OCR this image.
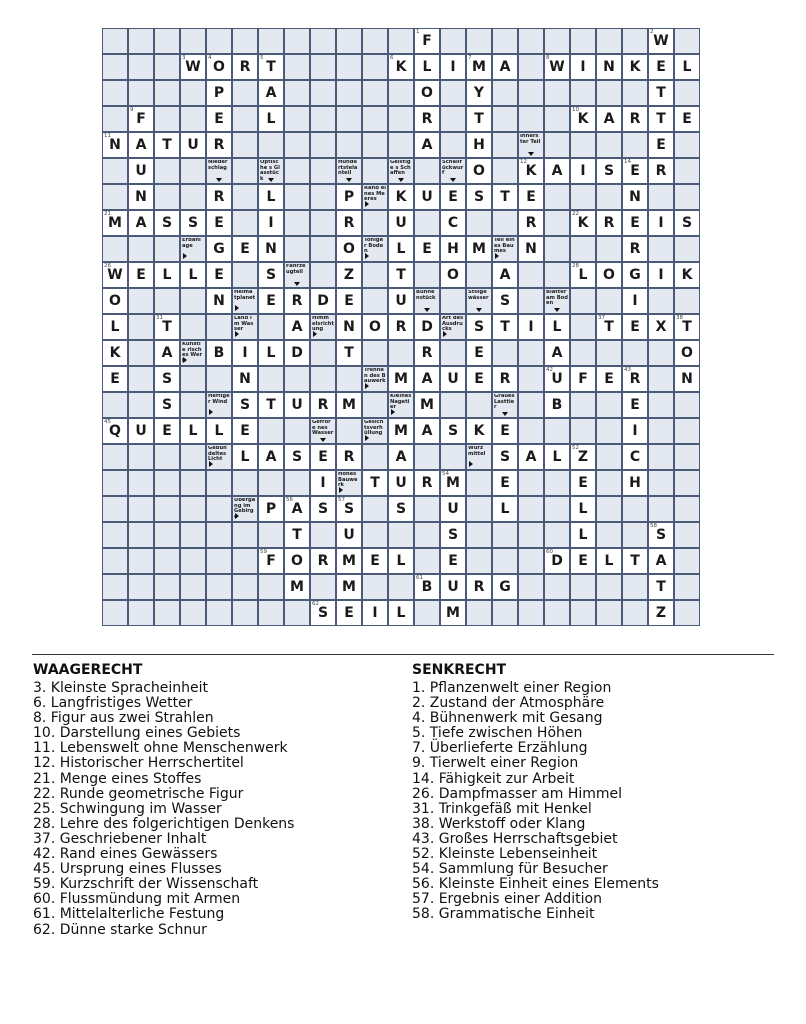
F
1
W
2
W
3
O
4
R	T
5
K
6
L	I	M
7
A	W
8
I	N	K	E	L
P	A	O	Y	T
F
9
E	L	R	T	K
10
A	R	T	E
N
11
A	T	U	R	A	H
Inners ter Teil	E
U
Nieder schlag
Optische s Glasstück
Hunde rtstelanteil
Geistige s Schaffen
Schallrückwurf	O	K
12
A	I	S	E
14
R
N	R	L	P
Rand eines Meeres	K	U	E	S	T	E	N
M
21
A	S	S	E	I	R	U	C	R	K
22
R	E	I	S
Erbanl age	G	E	N	O
Tonige r Boden	L	E	H M
Teil eines Baumes	N	R
W
26
E	L	L	E	S
Fahrze ugteil	Z	T	O	A	L
28
O	G	I	K
O	N
Heima tplanet E	R	D	E	U
Bühne nstück
Stillge wässer S
Blätter am Boden	I
L	T
31	Land im Wasser	A
Himm elsrichtung	N	O	R	D
Art des Ausdrucks	S	T	I	L	T
37
E	X	T
38
K	A
Künstle risches Werk	B	I	L	D	T	R	E	A	O
E	S	N
Trennen des Bauwerk M A	U	E	R	U
42
F	E	R
43
N
S
Heftige r Wind S	T	U	R M
Kleines Nagetier	M
Graues Lasttier	B	E
Q
45
U	E	L	L	E
Gefrore nes Wasser
Gesich tsverhüllung M A	S	K	E	I
Gebün deltes Licht	L	A	S	E	R	A
Würz mittel	S	A	L	Z
52
C
I
Hohes Bauwerk	T	U	R M
54
E	E	H
Übergang im Gebirge	P	A
56
S	S
57
S	U	L	L
T	U	S	L	S
58
F
59
O	R M	E	L	E	D
60
E	L	T	A
M	M	B
61
U	R	G	T
S
62
E	I	L	M	Z
WAAGERECHT
3. Kleinste Spracheinheit
6. Langfristiges Wetter
8. Figur aus zwei Strahlen
10. Darstellung eines Gebiets
11. Lebenswelt ohne Menschenwerk
12. Historischer Herrschertitel
21. Menge eines Stoffes
22. Runde geometrische Figur
25. Schwingung im Wasser
28. Lehre des folgerichtigen Denkens
37. Geschriebener Inhalt
42. Rand eines Gewässers
45. Ursprung eines Flusses
59. Kurzschrift der Wissenschaft
60. Flussmündung mit Armen
61. Mittelalterliche Festung
62. Dünne starke Schnur
SENKRECHT
1. Pflanzenwelt einer Region
2. Zustand der Atmosphäre
4. Bühnenwerk mit Gesang
5. Tiefe zwischen Höhen
7. Überlieferte Erzählung
9. Tierwelt einer Region
14. Fähigkeit zur Arbeit
26. Dampfmasser am Himmel
31. Trinkgefäß mit Henkel
38. Werkstoff oder Klang
43. Großes Herrschaftsgebiet
52. Kleinste Lebenseinheit
54. Sammlung für Besucher
56. Kleinste Einheit eines Elements
57. Ergebnis einer Addition
58. Grammatische Einheit
